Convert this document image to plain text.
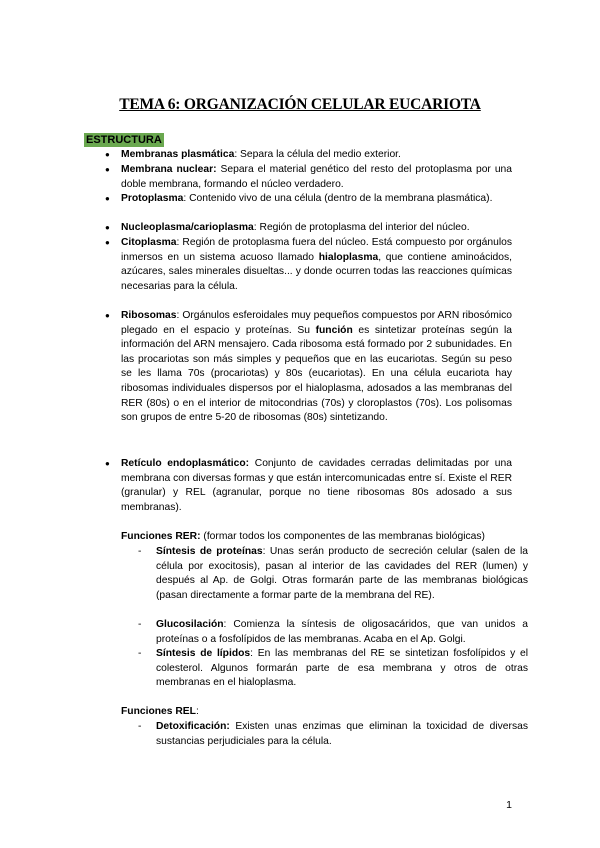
TEMA 6: ORGANIZACIÓN CELULAR EUCARIOTA
ESTRUCTURA
Membranas plasmática: Separa la célula del medio exterior.
Membrana nuclear: Separa el material genético del resto del protoplasma por una doble membrana, formando el núcleo verdadero.
Protoplasma: Contenido vivo de una célula (dentro de la membrana plasmática).
Nucleoplasma/carioplasma: Región de protoplasma del interior del núcleo.
Citoplasma: Región de protoplasma fuera del núcleo. Está compuesto por orgánulos inmersos en un sistema acuoso llamado hialoplasma, que contiene aminoácidos, azúcares, sales minerales disueltas... y donde ocurren todas las reacciones químicas necesarias para la célula.
Ribosomas: Orgánulos esferoidales muy pequeños compuestos por ARN ribosómico plegado en el espacio y proteínas. Su función es sintetizar proteínas según la información del ARN mensajero. Cada ribosoma está formado por 2 subunidades. En las procariotas son más simples y pequeños que en las eucariotas. Según su peso se les llama 70s (procariotas) y 80s (eucariotas). En una célula eucariota hay ribosomas individuales dispersos por el hialoplasma, adosados a las membranas del RER (80s) o en el interior de mitocondrias (70s) y cloroplastos (70s). Los polisomas son grupos de entre 5-20 de ribosomas (80s) sintetizando.
Retículo endoplasmático: Conjunto de cavidades cerradas delimitadas por una membrana con diversas formas y que están intercomunicadas entre sí. Existe el RER (granular) y REL (agranular, porque no tiene ribosomas 80s adosado a sus membranas).
Funciones RER: (formar todos los componentes de las membranas biológicas)
- Síntesis de proteínas: Unas serán producto de secreción celular (salen de la célula por exocitosis), pasan al interior de las cavidades del RER (lumen) y después al Ap. de Golgi. Otras formarán parte de las membranas biológicas (pasan directamente a formar parte de la membrana del RE).
- Glucosilación: Comienza la síntesis de oligosacáridos, que van unidos a proteínas o a fosfolípidos de las membranas. Acaba en el Ap. Golgi.
- Síntesis de lípidos: En las membranas del RE se sintetizan fosfolípidos y el colesterol. Algunos formarán parte de esa membrana y otros de otras membranas en el hialoplasma.
Funciones REL:
- Detoxificación: Existen unas enzimas que eliminan la toxicidad de diversas sustancias perjudiciales para la célula.
1
